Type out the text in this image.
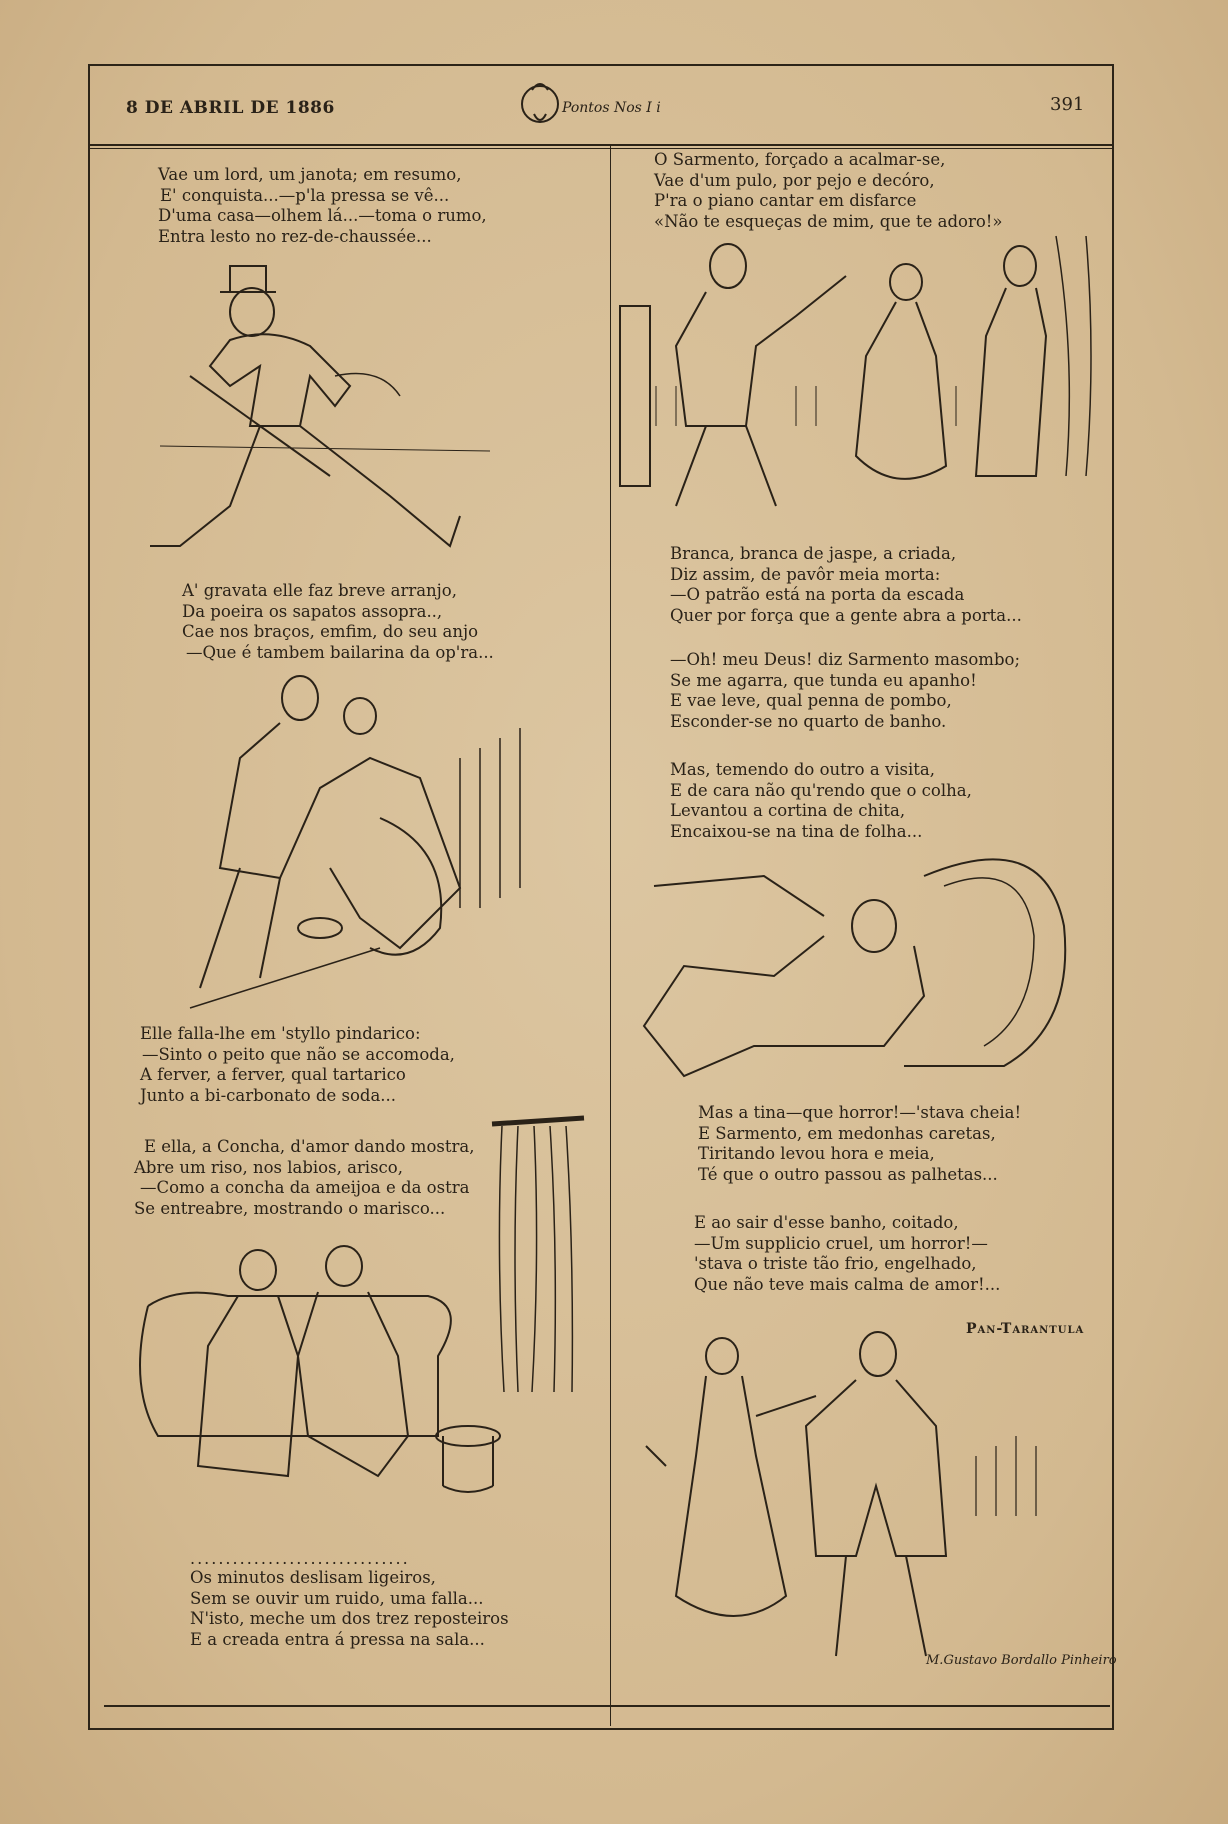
8 DE ABRIL DE 1886	391
Pontos Nos I i
Vae um lord, um janota; em resumo,
E' conquista...—p'la pressa se vê...
D'uma casa—olhem lá...—toma o rumo,
Entra lesto no rez-de-chaussée...
A' gravata elle faz breve arranjo,
Da poeira os sapatos assopra..,
Cae nos braços, emfim, do seu anjo
—Que é tambem bailarina da op'ra...
Elle falla-lhe em 'styllo pindarico:
—Sinto o peito que não se accomoda,
A ferver, a ferver, qual tartarico
Junto a bi-carbonato de soda...
E ella, a Concha, d'amor dando mostra,
Abre um riso, nos labios, arisco,
—Como a concha da ameijoa e da ostra
Se entreabre, mostrando o marisco...
...............................
Os minutos deslisam ligeiros,
Sem se ouvir um ruido, uma falla...
N'isto, meche um dos trez reposteiros
E a creada entra á pressa na sala...
O Sarmento, forçado a acalmar-se,
Vae d'um pulo, por pejo e decóro,
P'ra o piano cantar em disfarce
«Não te esqueças de mim, que te adoro!»
Branca, branca de jaspe, a criada,
Diz assim, de pavôr meia morta:
—O patrão está na porta da escada
Quer por força que a gente abra a porta...
—Oh! meu Deus! diz Sarmento masombo;
Se me agarra, que tunda eu apanho!
E vae leve, qual penna de pombo,
Esconder-se no quarto de banho.
Mas, temendo do outro a visita,
E de cara não qu'rendo que o colha,
Levantou a cortina de chita,
Encaixou-se na tina de folha...
Mas a tina—que horror!—'stava cheia!
E Sarmento, em medonhas caretas,
Tiritando levou hora e meia,
Té que o outro passou as palhetas...
E ao sair d'esse banho, coitado,
—Um supplicio cruel, um horror!—
'stava o triste tão frio, engelhado,
Que não teve mais calma de amor!...
Pan-Tarantula
M.Gustavo Bordallo Pinheiro
